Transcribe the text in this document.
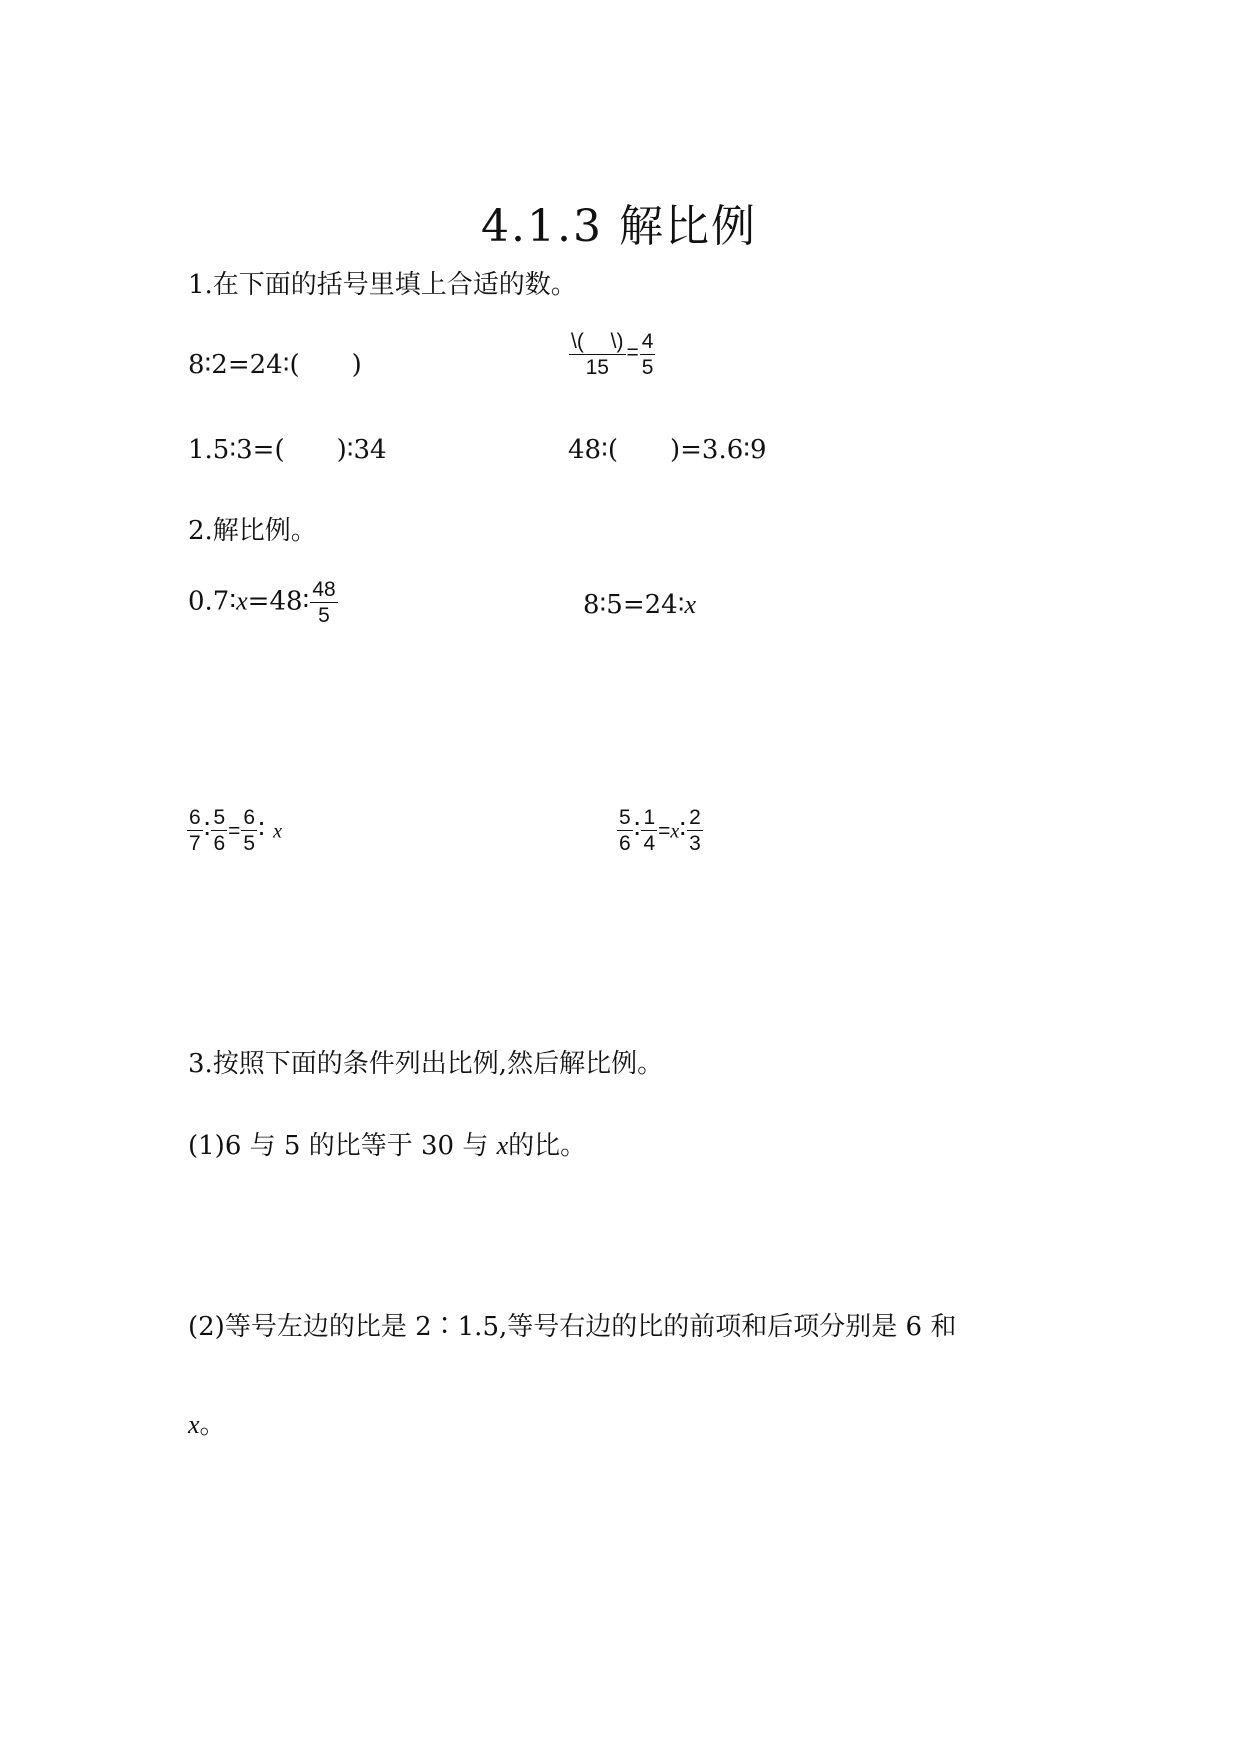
4.1.3 解比例
1.在下面的括号里填上合适的数。
8∶2=24∶(　　)	$\frac{\backslash( \backslash)}{15} = \frac{4}{5}$
1.5∶3=(　　)∶34	48∶(　　)=3.6∶9
2.解比例。
0.7∶x=48∶ $\frac{48}{5}$	8∶5=24∶x
$\frac{6}{7}$ ∶ $\frac{5}{6} = \frac{6}{5}$ ∶ x	$\frac{5}{6}$ ∶ $\frac{1}{4}$ =x∶ $\frac{2}{3}$
3.按照下面的条件列出比例,然后解比例。
(1)6 与 5 的比等于 30 与 x的比。
(2)等号左边的比是 2∶1.5,等号右边的比的前项和后项分别是 6 和
x。
